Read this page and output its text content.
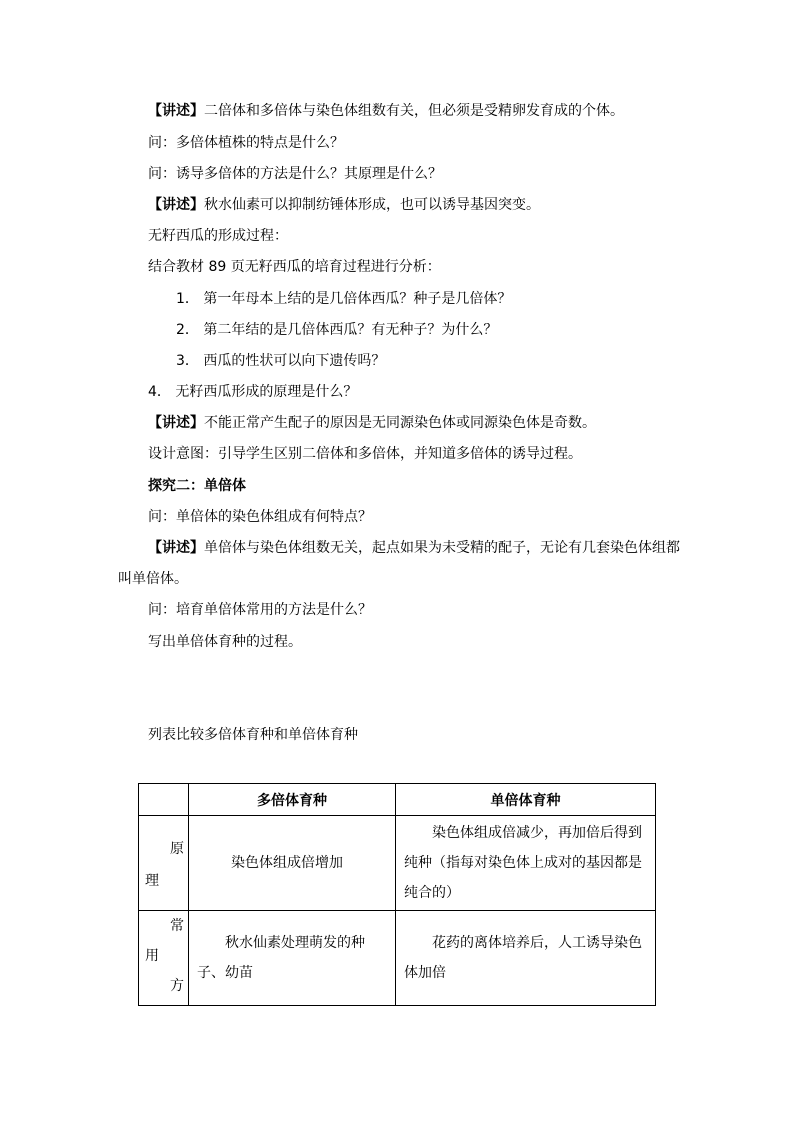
【讲述】二倍体和多倍体与染色体组数有关，但必须是受精卵发育成的个体。
问：多倍体植株的特点是什么？
问：诱导多倍体的方法是什么？其原理是什么？
【讲述】秋水仙素可以抑制纺锤体形成，也可以诱导基因突变。
无籽西瓜的形成过程：
结合教材 89 页无籽西瓜的培育过程进行分析：
1． 第一年母本上结的是几倍体西瓜？种子是几倍体？
2． 第二年结的是几倍体西瓜？有无种子？为什么？
3． 西瓜的性状可以向下遗传吗？
4． 无籽西瓜形成的原理是什么？
【讲述】不能正常产生配子的原因是无同源染色体或同源染色体是奇数。
设计意图：引导学生区别二倍体和多倍体，并知道多倍体的诱导过程。
探究二：单倍体
问：单倍体的染色体组成有何特点？
【讲述】单倍体与染色体组数无关，起点如果为未受精的配子，无论有几套染色体组都
叫单倍体。
问：培育单倍体常用的方法是什么？
写出单倍体育种的过程。
列表比较多倍体育种和单倍体育种
	多倍体育种	单倍体育种

原
理	染色体组成倍增加	染色体组成倍减少，再加倍后得到纯种（指每对染色体上成对的基因都是纯合的）

常
用
方	秋水仙素处理萌发的种子、幼苗	花药的离体培养后，人工诱导染色体加倍
